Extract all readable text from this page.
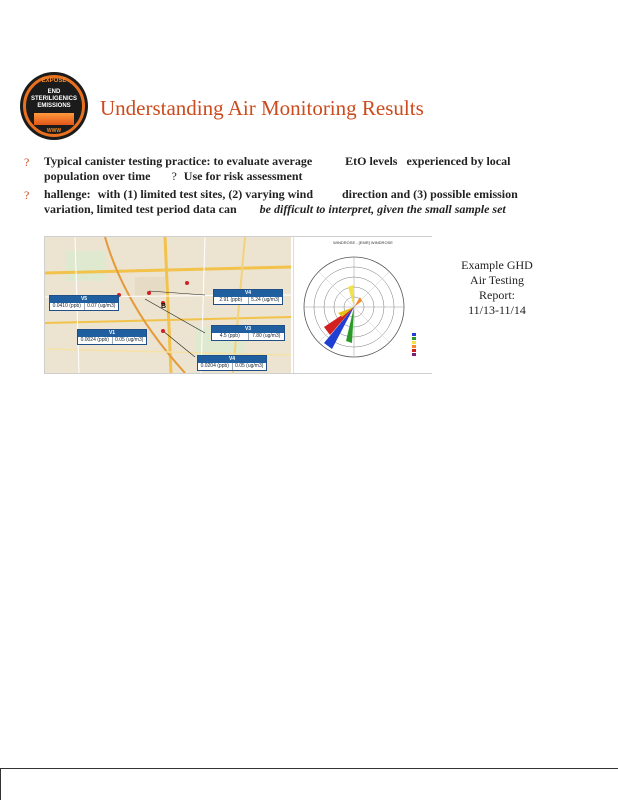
EXPOSE
END STERILIGENICS EMISSIONS
WWW
Understanding Air Monitoring Results
? Typical canister testing practice: to evaluate average	EtO levels experienced by local
population over time ? Use for risk assessment
? hallenge: with (1) limited test sites, (2) varying wind direction and (3) possible emission
variation, limited test period data can be difficult to interpret, given the small sample set
B
V5
0.0410 (ppb)	0.07 (ug/m3)
V1
0.0024 (ppb)	0.05 (ug/m3)
V4
2.91 (ppb)	5.24 (ug/m3)
V3
4.5 (ppb)	7.80 (ug/m3)
V4
0.0204 (ppb)	0.05 (ug/m3)
WINDROSE - [EMR] WINDROSE
Example GHD
Air Testing
Report:
11/13-11/14
